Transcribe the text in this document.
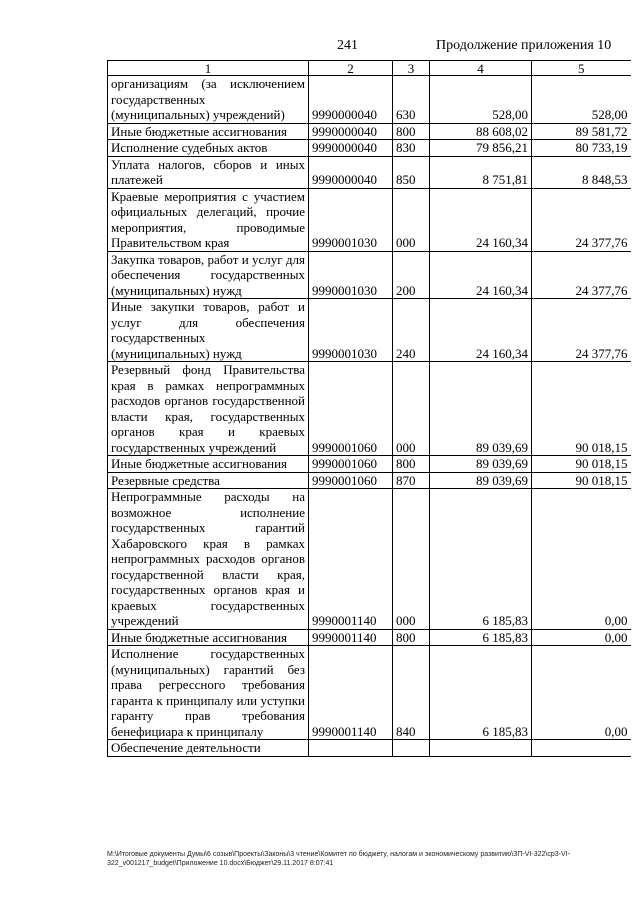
241	Продолжение приложения 10
1	2	3	4	5
организациям (за исключением государственных (муниципальных) учреждений)	9990000040	630	528,00	528,00
Иные бюджетные ассигнования	9990000040	800	88 608,02	89 581,72
Исполнение судебных актов	9990000040	830	79 856,21	80 733,19
Уплата налогов, сборов и иных платежей	9990000040	850	8 751,81	8 848,53
Краевые мероприятия с участием официальных делегаций, прочие мероприятия, проводимые Правительством края	9990001030	000	24 160,34	24 377,76
Закупка товаров, работ и услуг для обеспечения государственных (муниципальных) нужд	9990001030	200	24 160,34	24 377,76
Иные закупки товаров, работ и услуг для обеспечения государственных (муниципальных) нужд	9990001030	240	24 160,34	24 377,76
Резервный фонд Правительства края в рамках непрограммных расходов органов государственной власти края, государственных органов края и краевых государственных учреждений	9990001060	000	89 039,69	90 018,15
Иные бюджетные ассигнования	9990001060	800	89 039,69	90 018,15
Резервные средства	9990001060	870	89 039,69	90 018,15
Непрограммные расходы на возможное исполнение государственных гарантий Хабаровского края в рамках непрограммных расходов органов государственной власти края, государственных органов края и краевых государственных учреждений	9990001140	000	6 185,83	0,00
Иные бюджетные ассигнования	9990001140	800	6 185,83	0,00
Исполнение государственных (муниципальных) гарантий без права регрессного требования гаранта к принципалу или уступки гаранту прав требования бенефициара к принципалу	9990001140	840	6 185,83	0,00
Обеспечение деятельности				
M:\Итоговые документы Думы\6 созыв\Проекты\Законы\3 чтение\Комитет по бюджету, налогам и экономическому развитию\ЗП-VI-322\ср3-VI-322_v001217_budget\Приложение 10.docx\Бюджет\29.11.2017 8:07:41
